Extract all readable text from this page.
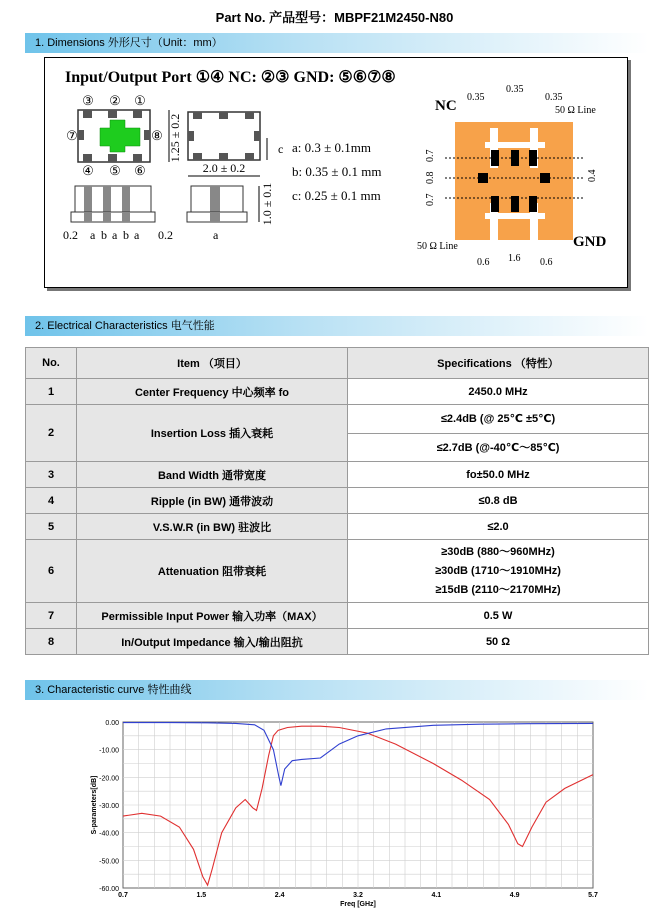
Part No. 产品型号：MBPF21M2450-N80
1. Dimensions 外形尺寸（Unit：mm）
Input/Output Port ①④ NC: ②③ GND: ⑤⑥⑦⑧
③ ② ①
④ ⑤ ⑥
⑦	⑧ 1.25 ± 0.2
2.0 ± 0.2
c
0.2 a b a b a 0.2	a
1.0 ± 0.1
a: 0.3 ± 0.1mm
b: 0.35 ± 0.1 mm
c: 0.25 ± 0.1 mm
NC
GND
50 Ω Line
50 Ω Line
0.35
0.35
0.35
0.7
0.8
0.7
0.4
0.6 1.6 0.6
2. Electrical Characteristics 电气性能
No.	Item （项目）	Specifications （特性）
1	Center Frequency 中心频率 fo	2450.0 MHz
2	Insertion Loss 插入衰耗	≤2.4dB (@ 25℃ ±5℃)
		≤2.7dB (@-40℃～85℃)
3	Band Width 通带宽度	fo±50.0 MHz
4	Ripple (in BW) 通带波动	≤0.8 dB
5	V.S.W.R (in BW) 驻波比	≤2.0
6	Attenuation 阻带衰耗	≥30dB (880～960MHz)
≥30dB (1710～1910MHz)
≥15dB (2110～2170MHz)

7	Permissible Input Power 输入功率（MAX）	0.5 W
8	In/Output Impedance 输入/输出阻抗	50 Ω
3. Characteristic curve 特性曲线
0.00
-10.00
-20.00
-30.00
-40.00
-50.00
-60.00
0.7	1.5	2.4	3.2	4.1	4.9	5.7
Freq [GHz]
S-parameters[dB]
